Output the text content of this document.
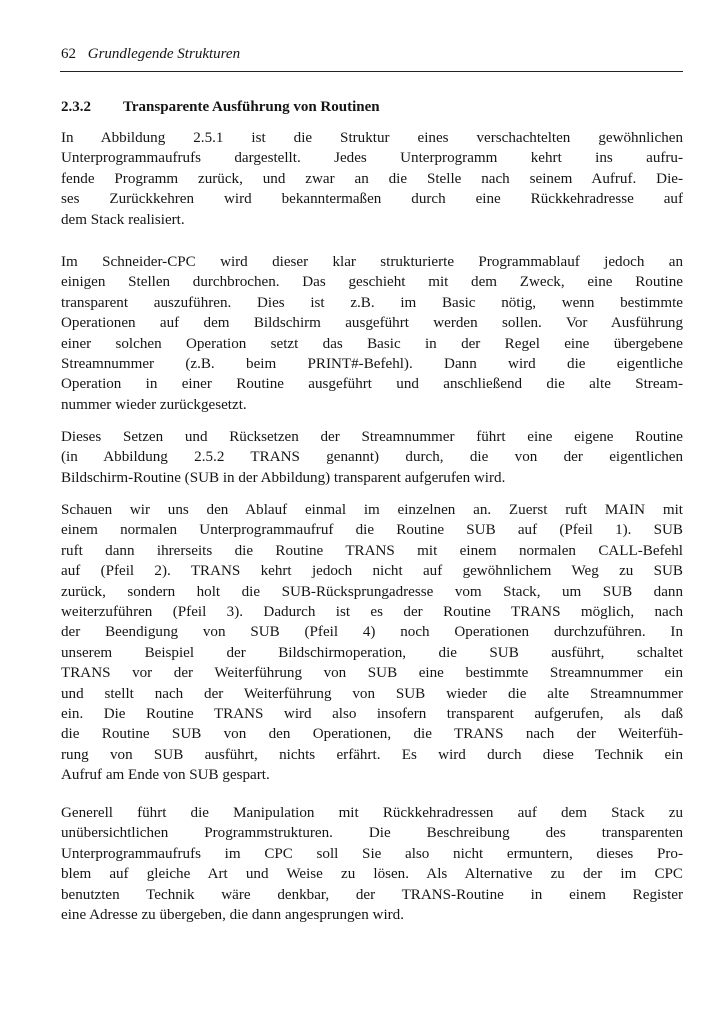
62 Grundlegende Strukturen
2.3.2 Transparente Ausführung von Routinen
In Abbildung 2.5.1 ist die Struktur eines verschachtelten gewöhnlichen
Unterprogrammaufrufs dargestellt. Jedes Unterprogramm kehrt ins aufru-
fende Programm zurück, und zwar an die Stelle nach seinem Aufruf. Die-
ses Zurückkehren wird bekanntermaßen durch eine Rückkehradresse auf
dem Stack realisiert.
Im Schneider-CPC wird dieser klar strukturierte Programmablauf jedoch an
einigen Stellen durchbrochen. Das geschieht mit dem Zweck, eine Routine
transparent auszuführen. Dies ist z.B. im Basic nötig, wenn bestimmte
Operationen auf dem Bildschirm ausgeführt werden sollen. Vor Ausführung
einer solchen Operation setzt das Basic in der Regel eine übergebene
Streamnummer (z.B. beim PRINT#-Befehl). Dann wird die eigentliche
Operation in einer Routine ausgeführt und anschließend die alte Stream-
nummer wieder zurückgesetzt.
Dieses Setzen und Rücksetzen der Streamnummer führt eine eigene Routine
(in Abbildung 2.5.2 TRANS genannt) durch, die von der eigentlichen
Bildschirm-Routine (SUB in der Abbildung) transparent aufgerufen wird.
Schauen wir uns den Ablauf einmal im einzelnen an. Zuerst ruft MAIN mit
einem normalen Unterprogrammaufruf die Routine SUB auf (Pfeil 1). SUB
ruft dann ihrerseits die Routine TRANS mit einem normalen CALL-Befehl
auf (Pfeil 2). TRANS kehrt jedoch nicht auf gewöhnlichem Weg zu SUB
zurück, sondern holt die SUB-Rücksprungadresse vom Stack, um SUB dann
weiterzuführen (Pfeil 3). Dadurch ist es der Routine TRANS möglich, nach
der Beendigung von SUB (Pfeil 4) noch Operationen durchzuführen. In
unserem Beispiel der Bildschirmoperation, die SUB ausführt, schaltet
TRANS vor der Weiterführung von SUB eine bestimmte Streamnummer ein
und stellt nach der Weiterführung von SUB wieder die alte Streamnummer
ein. Die Routine TRANS wird also insofern transparent aufgerufen, als daß
die Routine SUB von den Operationen, die TRANS nach der Weiterfüh-
rung von SUB ausführt, nichts erfährt. Es wird durch diese Technik ein
Aufruf am Ende von SUB gespart.
Generell führt die Manipulation mit Rückkehradressen auf dem Stack zu
unübersichtlichen Programmstrukturen. Die Beschreibung des transparenten
Unterprogrammaufrufs im CPC soll Sie also nicht ermuntern, dieses Pro-
blem auf gleiche Art und Weise zu lösen. Als Alternative zu der im CPC
benutzten Technik wäre denkbar, der TRANS-Routine in einem Register
eine Adresse zu übergeben, die dann angesprungen wird.
